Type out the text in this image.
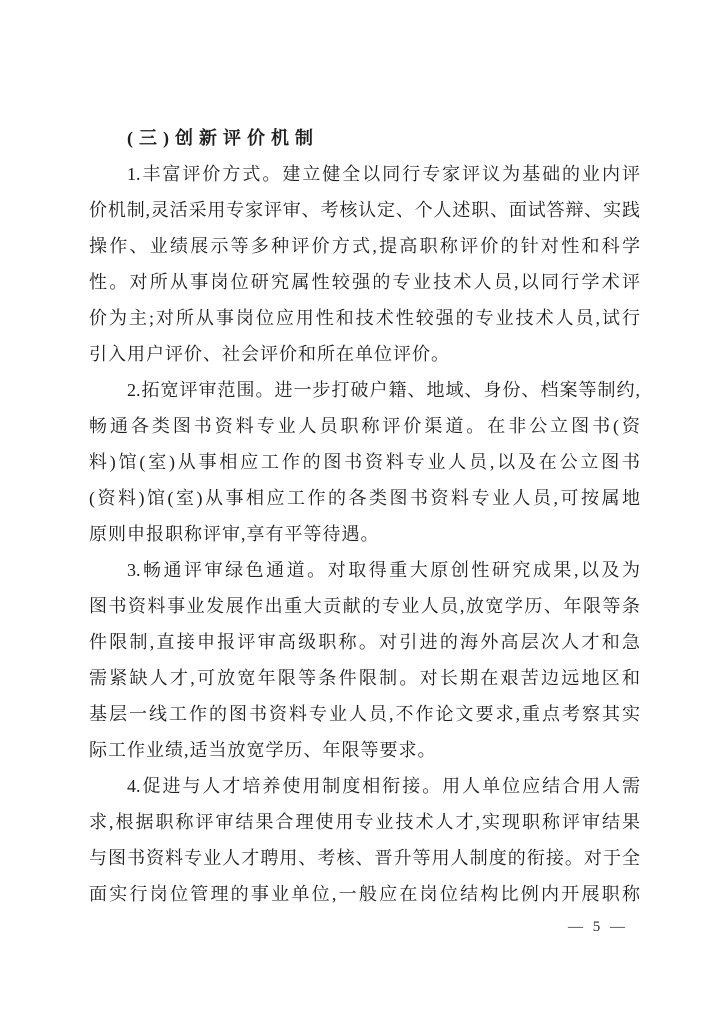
(三)创新评价机制
1.丰富评价方式。建立健全以同行专家评议为基础的业内评
价机制,灵活采用专家评审、考核认定、个人述职、面试答辩、实践
操作、业绩展示等多种评价方式,提高职称评价的针对性和科学
性。对所从事岗位研究属性较强的专业技术人员,以同行学术评
价为主;对所从事岗位应用性和技术性较强的专业技术人员,试行
引入用户评价、社会评价和所在单位评价。
2.拓宽评审范围。进一步打破户籍、地域、身份、档案等制约,
畅通各类图书资料专业人员职称评价渠道。在非公立图书(资
料)馆(室)从事相应工作的图书资料专业人员,以及在公立图书
(资料)馆(室)从事相应工作的各类图书资料专业人员,可按属地
原则申报职称评审,享有平等待遇。
3.畅通评审绿色通道。对取得重大原创性研究成果,以及为
图书资料事业发展作出重大贡献的专业人员,放宽学历、年限等条
件限制,直接申报评审高级职称。对引进的海外高层次人才和急
需紧缺人才,可放宽年限等条件限制。对长期在艰苦边远地区和
基层一线工作的图书资料专业人员,不作论文要求,重点考察其实
际工作业绩,适当放宽学历、年限等要求。
4.促进与人才培养使用制度相衔接。用人单位应结合用人需
求,根据职称评审结果合理使用专业技术人才,实现职称评审结果
与图书资料专业人才聘用、考核、晋升等用人制度的衔接。对于全
面实行岗位管理的事业单位,一般应在岗位结构比例内开展职称
— 5 —
